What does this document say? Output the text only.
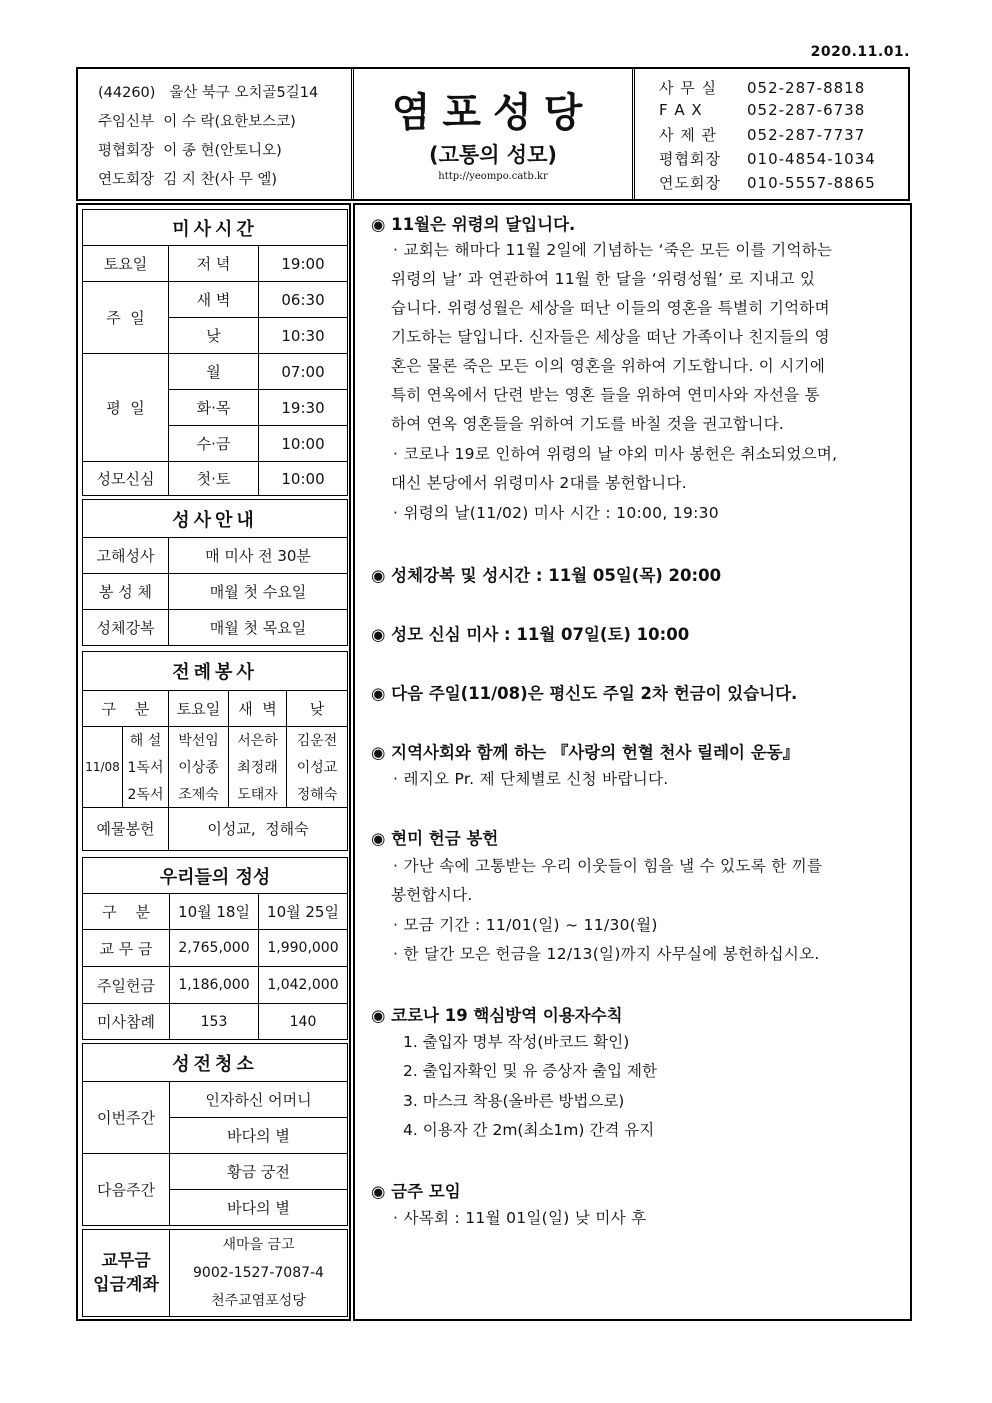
2020.11.01.
(44260) 울산 북구 오치골5길14
주임신부 이 수 락(요한보스코)
평협회장 이 종 현(안토니오)
연도회장 김 지 찬(사 무 엘)
염포성당
(고통의 성모)
http://yeompo.catb.kr
사 무 실 052-287-8818
F A X	052-287-6738
사 제 관 052-287-7737
평협회장 010-4854-1034
연도회장 010-5557-8865
미사시간		
토요일	저 녁	19:00
주  일	새 벽	06:30
	낮	10:30
평  일	월	07:00
	화·목	19:30
	수·금	10:00
성모신심	첫·토	10:00
성사안내	
고해성사	매 미사 전 30분
봉 성 체	매월 첫 수요일
성체강복	매월 첫 목요일
전례봉사				
구    분		토요일	새  벽	낮
11/08	해 설	박선임	서은하	김운전
	1독서	이상종	최정래	이성교
	2독서	조제숙	도태자	정해숙
예물봉헌		이성교,  정해숙		
우리들의 정성		
구    분	10월 18일	10월 25일
교 무 금	2,765,000	1,990,000
주일헌금	1,186,000	1,042,000
미사참례	153	140
성전청소	
이번주간	인자하신 어머니
	바다의 별
다음주간	황금 궁전
	바다의 별
교무금
입금계좌

새마을 금고
9002-1527-7087-4
천주교염포성당
◉ 11월은 위령의 달입니다.
· 교회는 해마다 11월 2일에 기념하는 ‘죽은 모든 이를 기억하는
위령의 날’ 과 연관하여 11월 한 달을 ‘위령성월’ 로 지내고 있
습니다. 위령성월은 세상을 떠난 이들의 영혼을 특별히 기억하며
기도하는 달입니다. 신자들은 세상을 떠난 가족이나 친지들의 영
혼은 물론 죽은 모든 이의 영혼을 위하여 기도합니다. 이 시기에
특히 연옥에서 단련 받는 영혼 들을 위하여 연미사와 자선을 통
하여 연옥 영혼들을 위하여 기도를 바칠 것을 권고합니다.
· 코로나 19로 인하여 위령의 날 야외 미사 봉헌은 취소되었으며,
대신 본당에서 위령미사 2대를 봉헌합니다.
· 위령의 날(11/02) 미사 시간 : 10:00, 19:30
◉ 성체강복 및 성시간 : 11월 05일(목) 20:00
◉ 성모 신심 미사 : 11월 07일(토) 10:00
◉ 다음 주일(11/08)은 평신도 주일 2차 헌금이 있습니다.
◉ 지역사회와 함께 하는 『사랑의 헌혈 천사 릴레이 운동』
· 레지오 Pr. 제 단체별로 신청 바랍니다.
◉ 현미 헌금 봉헌
· 가난 속에 고통받는 우리 이웃들이 힘을 낼 수 있도록 한 끼를
봉헌합시다.
· 모금 기간 : 11/01(일) ~ 11/30(월)
· 한 달간 모은 헌금을 12/13(일)까지 사무실에 봉헌하십시오.
◉ 코로나 19 핵심방역 이용자수칙
1. 출입자 명부 작성(바코드 확인)
2. 출입자확인 및 유 증상자 출입 제한
3. 마스크 착용(올바른 방법으로)
4. 이용자 간 2m(최소1m) 간격 유지
◉ 금주 모임
· 사목회 : 11월 01일(일) 낮 미사 후
